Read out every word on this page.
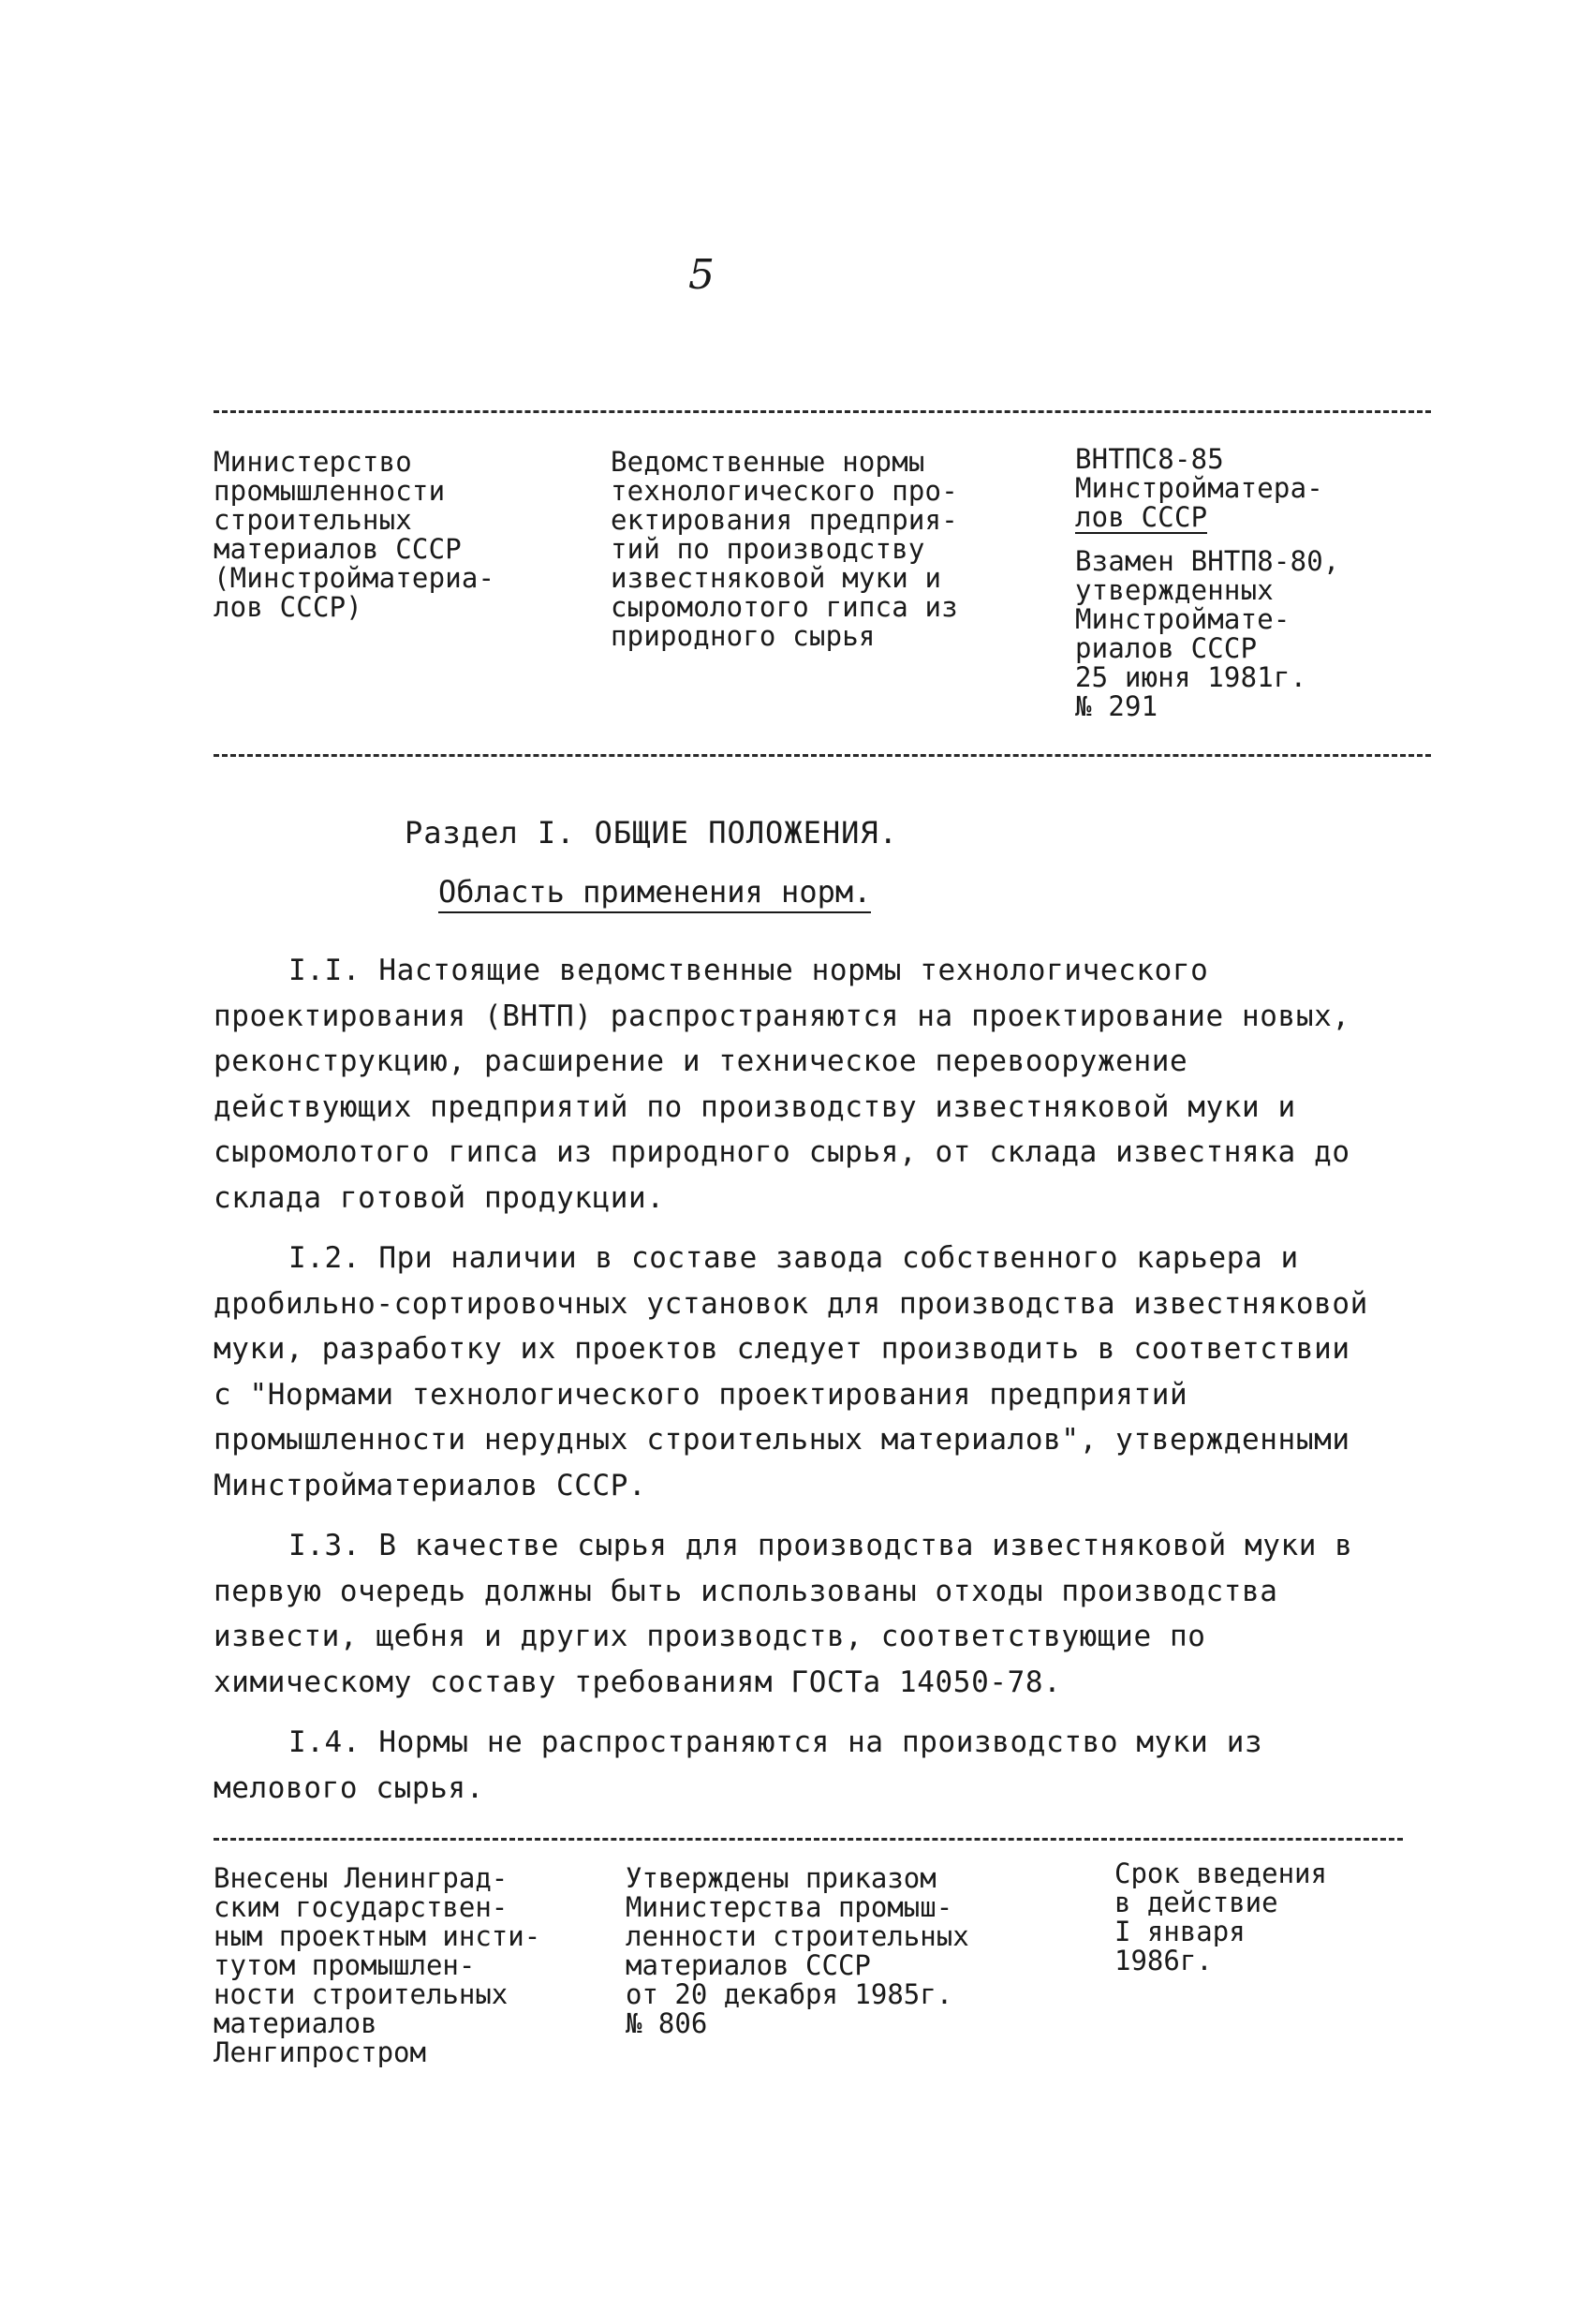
5
Министерство
промышленности
строительных
материалов СССР
(Минстройматериа-
лов СССР)
Ведомственные нормы
технологического про-
ектирования предприя-
тий по производству
известняковой муки и
сыромолотого гипса из
природного сырья
ВНТПС8-85
Минстройматера-
лов СССР
Взамен ВНТП8-80,
утвержденных
Минстройматe-
риалов СССР
25 июня 1981г.
№ 291
Раздел I. ОБЩИЕ ПОЛОЖЕНИЯ.
Область применения норм.

I.I. Настоящие ведомственные нормы технологического проектирования (ВНТП) распространяются на проектирование новых, реконструкцию, расширение и техническое перевооружение действующих предприятий по производству известняковой муки и сыромолотого гипса из природного сырья, от склада известняка до склада готовой продукции.

I.2. При наличии в составе завода собственного карьера и дробильно-сортировочных установок для производства известняковой муки, разработку их проектов следует производить в соответствии с "Нормами технологического проектирования предприятий промышленности нерудных строительных материалов", утвержденными Минстройматериалов СССР.

I.3. В качестве сырья для производства известняковой муки в первую очередь должны быть использованы отходы производства извести, щебня и других производств, соответствующие по химическому составу требованиям ГОСТа 14050-78.

I.4. Нормы не распространяются на производство муки из мелового сырья.

Внесены Ленинград-
ским государствен-
ным проектным инсти-
тутом промышлен-
ности строительных
материалов
Ленгипростром
Утверждены приказом
Министерства промыш-
ленности строительных
материалов СССР
от 20 декабря 1985г.
№ 806
Срок введения
в действие
I января
1986г.
